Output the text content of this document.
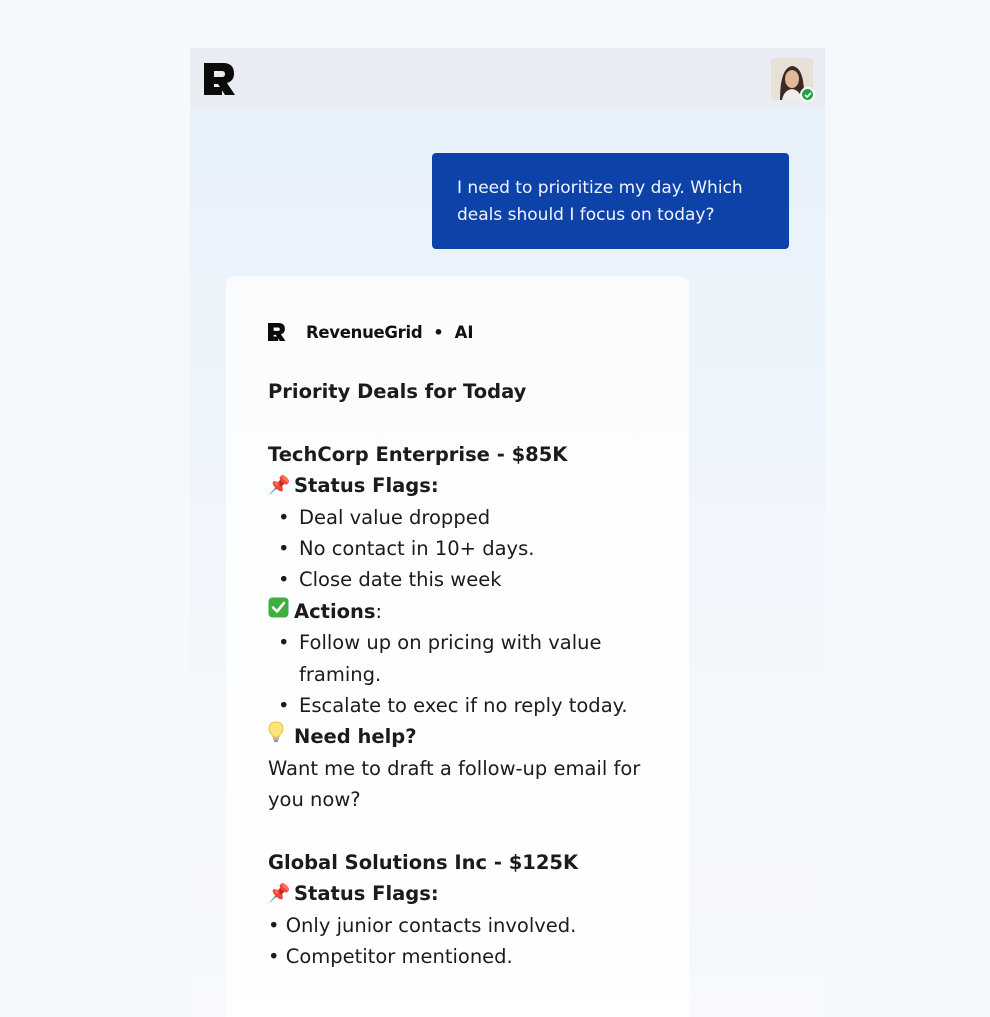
I need to prioritize my day. Which deals should I focus on today?
RevenueGrid • AI
Priority Deals for Today
TechCorp Enterprise - $85K
📌 Status Flags:
• Deal value dropped
• No contact in 10+ days.
• Close date this week
Actions :
• Follow up on pricing with value framing.
• Escalate to exec if no reply today.
Need help?
Want me to draft a follow-up email for you now?
Global Solutions Inc - $125K
📌 Status Flags:
• Only junior contacts involved.
• Competitor mentioned.
